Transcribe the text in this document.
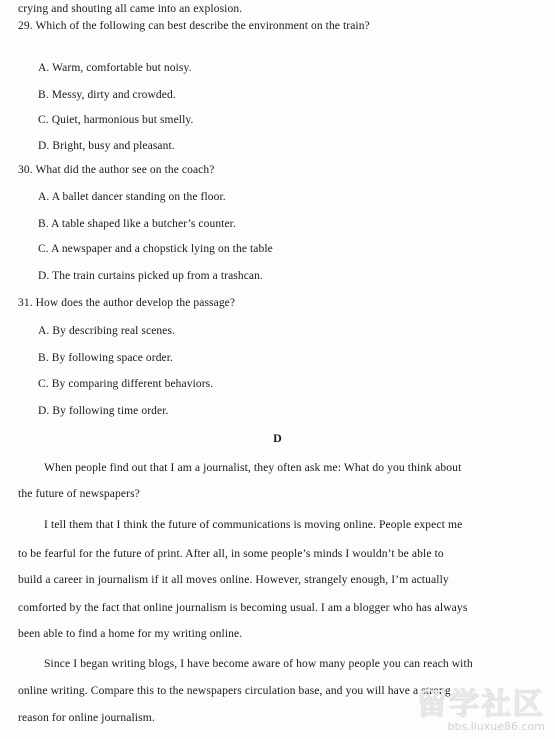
crying and shouting all came into an explosion.
29. Which of the following can best describe the environment on the train?
A. Warm, comfortable but noisy.
B. Messy, dirty and crowded.
C. Quiet, harmonious but smelly.
D. Bright, busy and pleasant.
30. What did the author see on the coach?
A. A ballet dancer standing on the floor.
B. A table shaped like a butcher’s counter.
C. A newspaper and a chopstick lying on the table
D. The train curtains picked up from a trashcan.
31. How does the author develop the passage?
A. By describing real scenes.
B. By following space order.
C. By comparing different behaviors.
D. By following time order.
D
When people find out that I am a journalist, they often ask me: What do you think about
the future of newspapers?
I tell them that I think the future of communications is moving online. People expect me
to be fearful for the future of print. After all, in some people’s minds I wouldn’t be able to
build a career in journalism if it all moves online. However, strangely enough, I’m actually
comforted by the fact that online journalism is becoming usual. I am a blogger who has always
been able to find a home for my writing online.
Since I began writing blogs, I have become aware of how many people you can reach with
online writing. Compare this to the newspapers circulation base, and you will have a strong
reason for online journalism.	留学社区
bbs.liuxue86.com
